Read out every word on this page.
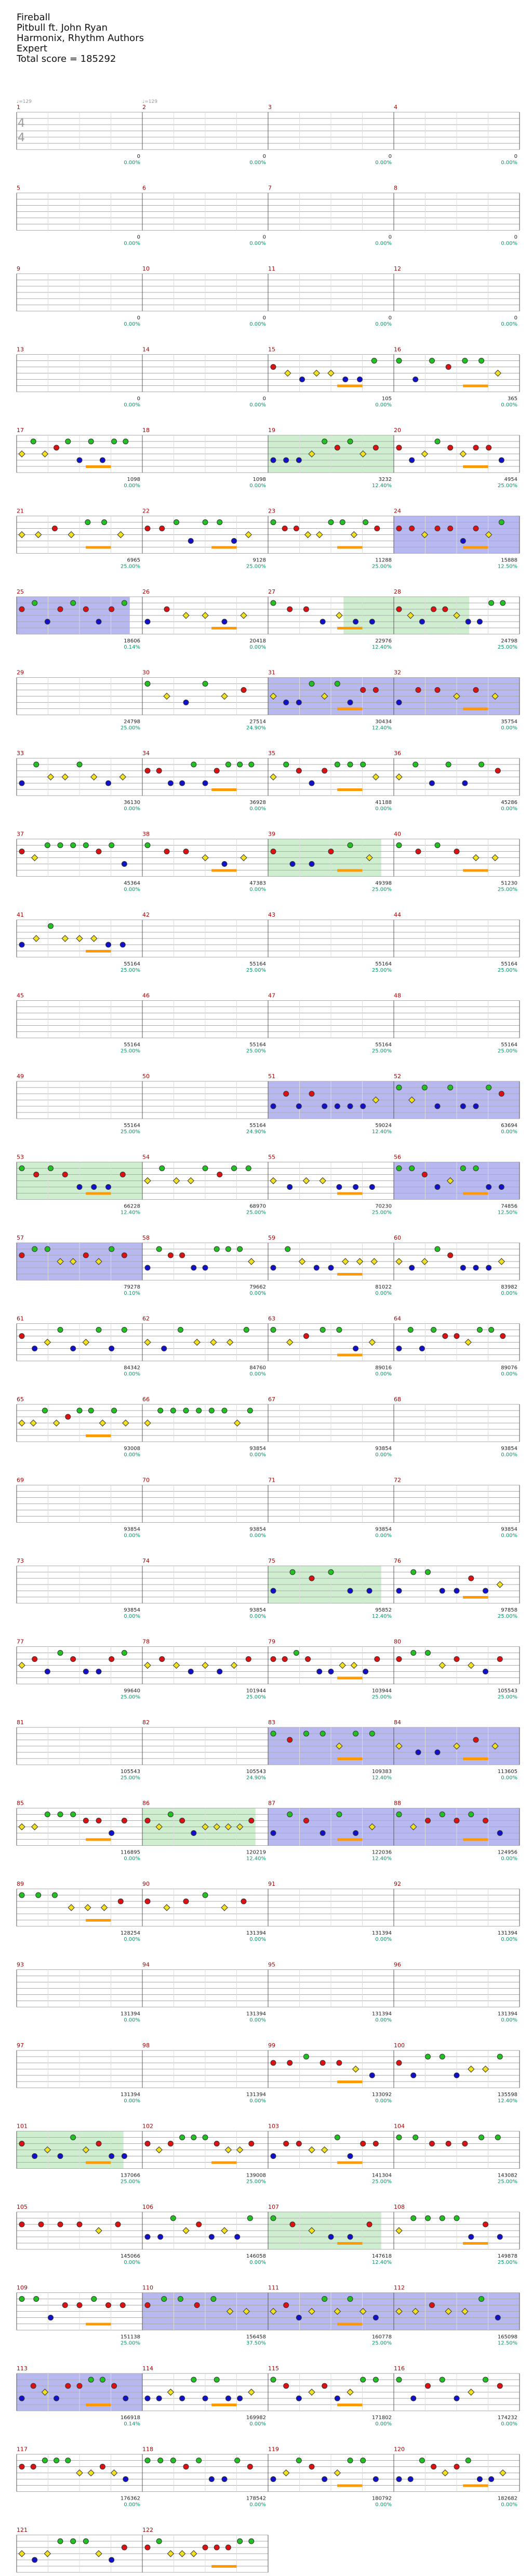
Fireball
Pitbull ft. John Ryan
Harmonix, Rhythm Authors
Expert
Total score = 185292
1
0
0.00%
2
0
0.00%
3
0
0.00%
4
0
0.00%
4
4
♩=129	♩=129
5
0
0.00%
6
0
0.00%
7
0
0.00%
8
0
0.00%
9
0
0.00%
10
0
0.00%
11
0
0.00%
12
0
0.00%
13
0
0.00%
14
0
0.00%
15
105
0.00%
16
365
0.00%
17
1098
0.00%
18
1098
0.00%
19
3232
12.40%
20
4954
25.00%
21
6965
25.00%
22
9128
25.00%
23
11288
25.00%
24
15888
12.50%
25
18606
0.14%
26
20418
0.00%
27
22976
12.40%
28
24798
25.00%
29
24798
25.00%
30
27514
24.90%
31
30434
12.40%
32
35754
0.00%
33
36130
0.00%
34
36928
0.00%
35
41188
0.00%
36
45286
0.00%
37
45364
0.00%
38
47383
0.00%
39
49398
25.00%
40
51230
25.00%
41
55164
25.00%
42
55164
25.00%
43
55164
25.00%
44
55164
25.00%
45
55164
25.00%
46
55164
25.00%
47
55164
25.00%
48
55164
25.00%
49
55164
25.00%
50
55164
24.90%
51
59024
12.40%
52
63694
0.00%
53
66228
12.40%
54
68970
25.00%
55
70230
25.00%
56
74856
12.50%
57
79278
0.10%
58
79662
0.00%
59
81022
0.00%
60
83982
0.00%
61
84342
0.00%
62
84760
0.00%
63
89016
0.00%
64
89076
0.00%
65
93008
0.00%
66
93854
0.00%
67
93854
0.00%
68
93854
0.00%
69
93854
0.00%
70
93854
0.00%
71
93854
0.00%
72
93854
0.00%
73
93854
0.00%
74
93854
0.00%
75
95852
12.40%
76
97858
25.00%
77
99640
25.00%
78
101944
25.00%
79
103944
25.00%
80
105543
25.00%
81
105543
25.00%
82
105543
24.90%
83
109383
12.40%
84
113605
0.00%
85
116895
0.00%
86
120219
12.40%
87
122036
12.40%
88
124956
0.00%
89
128254
0.00%
90
131394
0.00%
91
131394
0.00%
92
131394
0.00%
93
131394
0.00%
94
131394
0.00%
95
131394
0.00%
96
131394
0.00%
97
131394
0.00%
98
131394
0.00%
99
133092
0.00%
100
135598
12.40%
101
137066
25.00%
102
139008
25.00%
103
141304
25.00%
104
143082
25.00%
105
145066
0.00%
106
146058
0.00%
107
147618
12.40%
108
149878
25.00%
109
151138
25.00%
110
156458
37.50%
111
160778
25.00%
112
165098
12.50%
113
166918
0.14%
114
169982
0.00%
115
171802
0.00%
116
174232
0.00%
117
176362
0.00%
118
178542
0.00%
119
180792
0.00%
120
182682
0.00%
121	122
